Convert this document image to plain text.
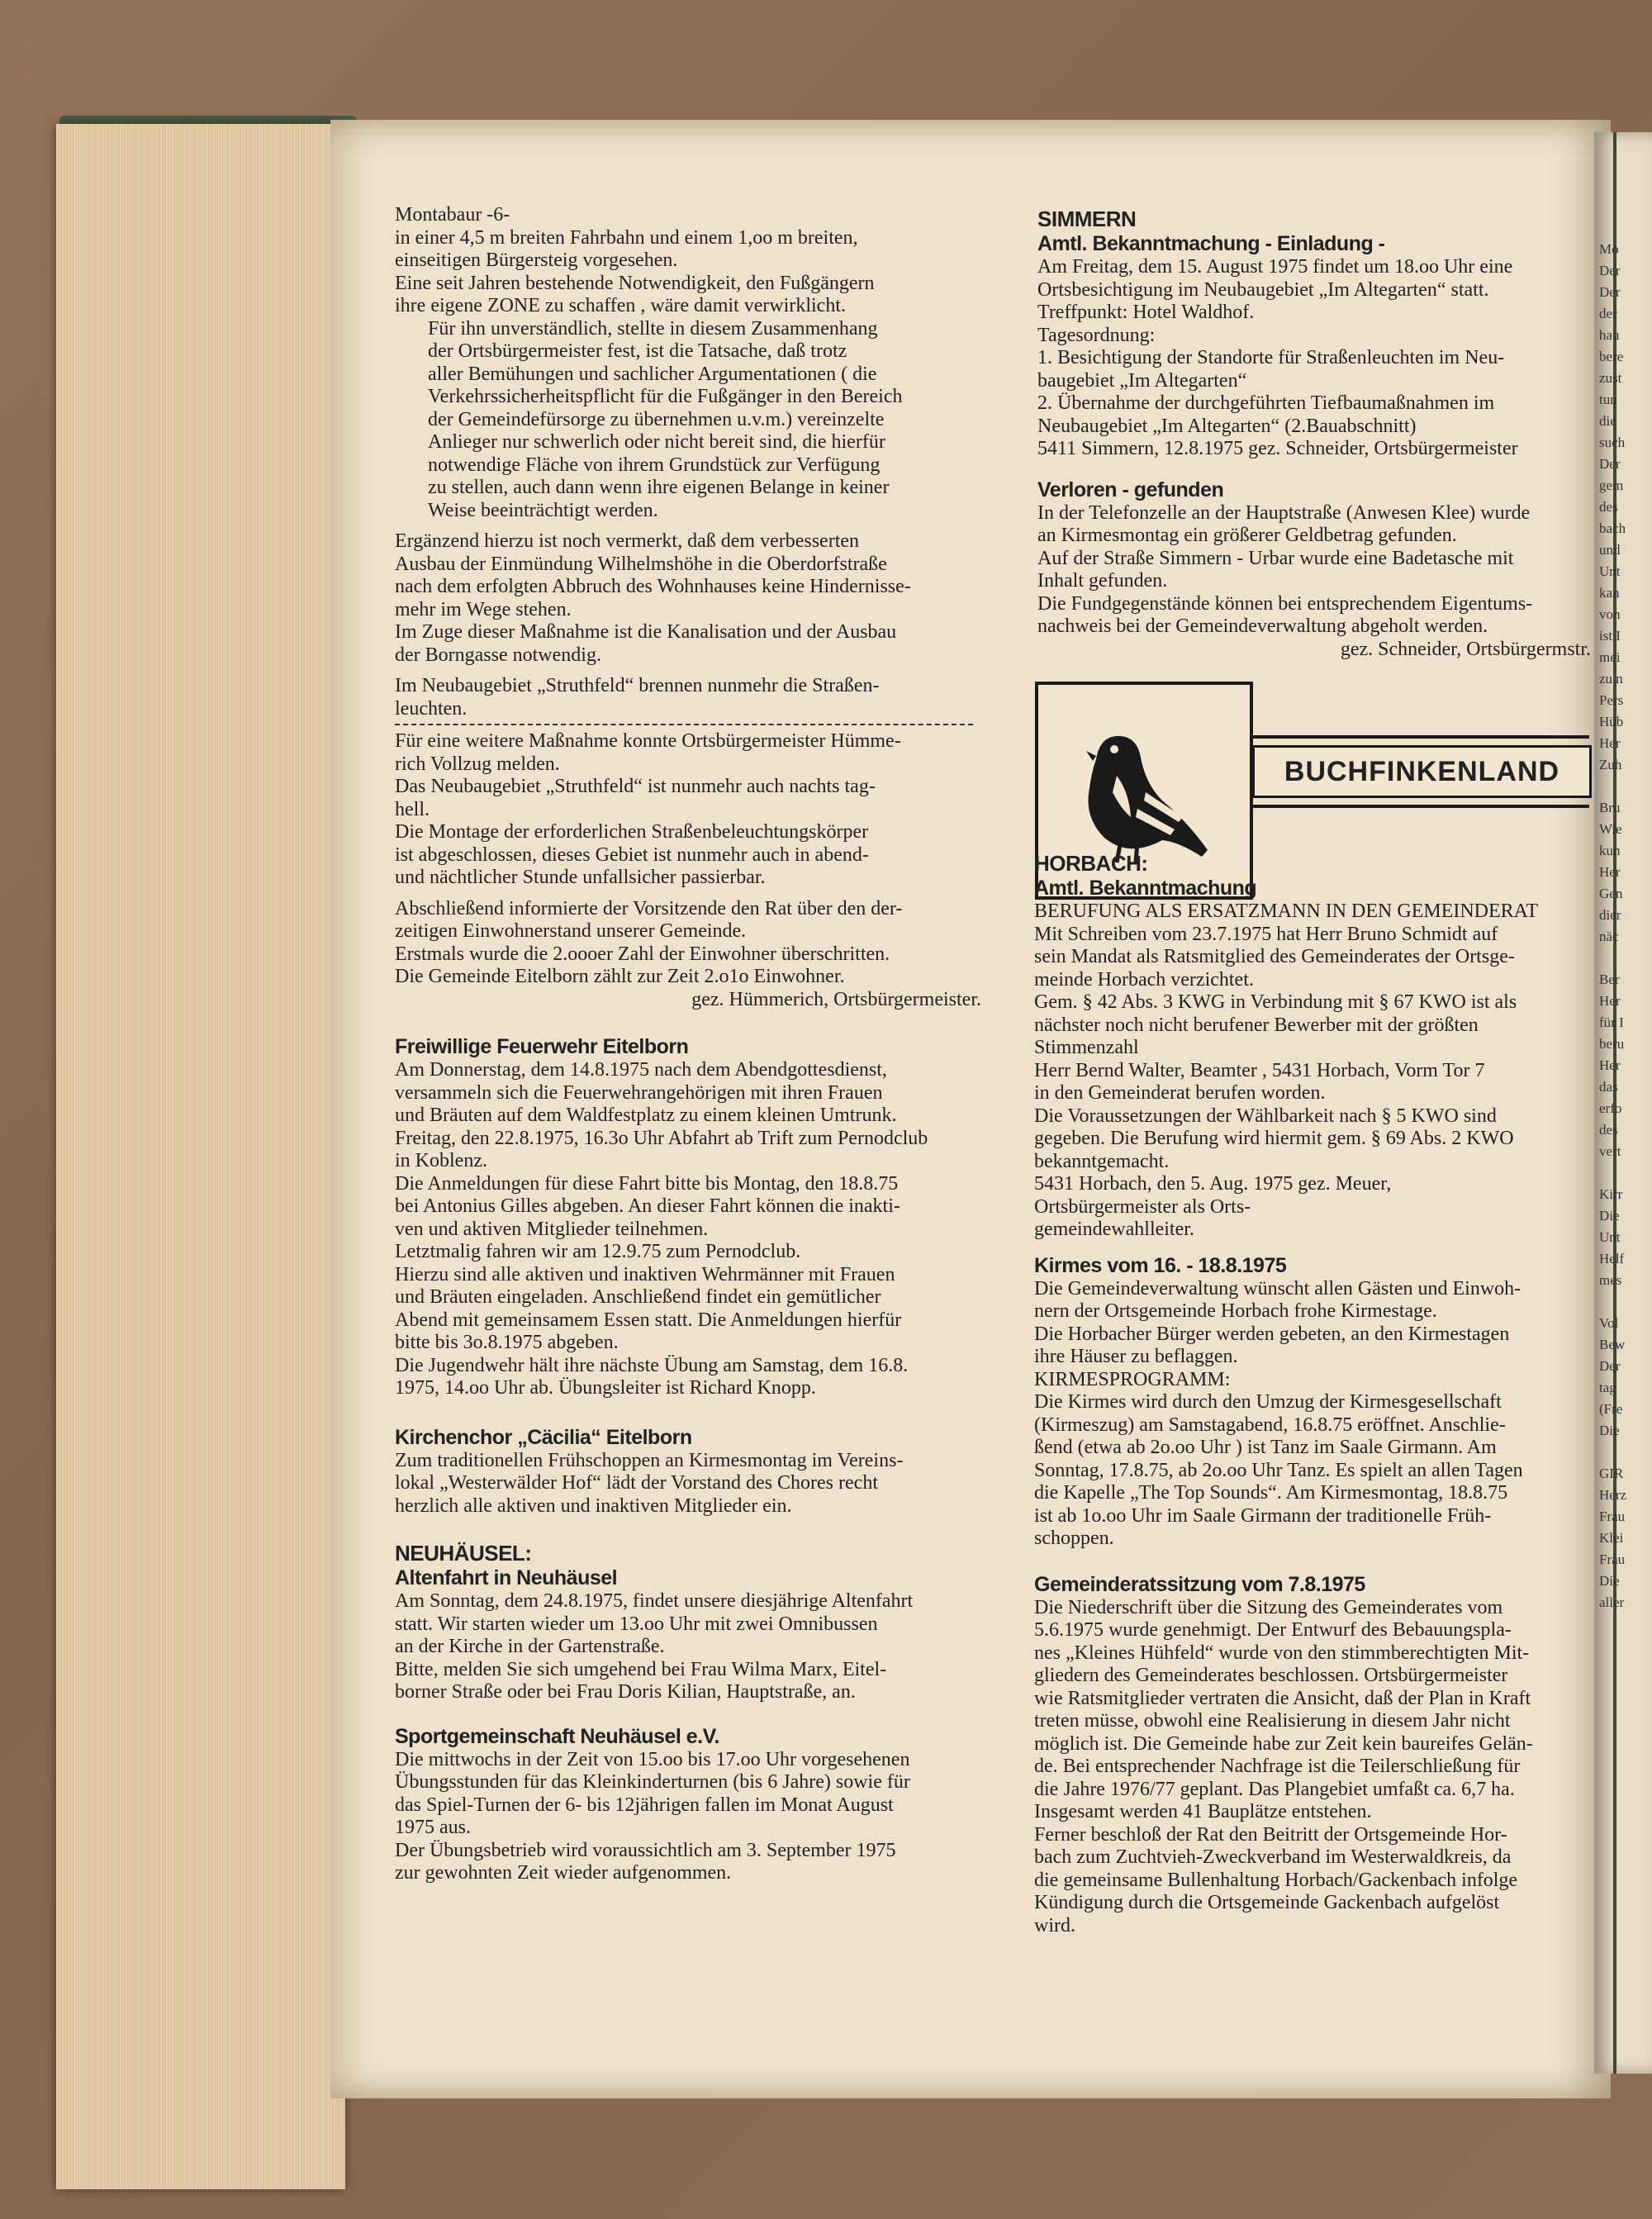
Montabaur -6-

in einer 4,5 m breiten Fahrbahn und einem 1,oo m breiten,
einseitigen Bürgersteig vorgesehen.
Eine seit Jahren bestehende Notwendigkeit, den Fußgängern
ihre eigene ZONE zu schaffen , wäre damit verwirklicht.

Für ihn unverständlich, stellte in diesem Zusammenhang
der Ortsbürgermeister fest, ist die Tatsache, daß trotz
aller Bemühungen und sachlicher Argumentationen ( die
Verkehrssicherheitspflicht für die Fußgänger in den Bereich
der Gemeindefürsorge zu übernehmen u.v.m.) vereinzelte
Anlieger nur schwerlich oder nicht bereit sind, die hierfür
notwendige Fläche von ihrem Grundstück zur Verfügung
zu stellen, auch dann wenn ihre eigenen Belange in keiner
Weise beeinträchtigt werden.

Ergänzend hierzu ist noch vermerkt, daß dem verbesserten
Ausbau der Einmündung Wilhelmshöhe in die Oberdorfstraße
nach dem erfolgten Abbruch des Wohnhauses keine Hindernisse-
mehr im Wege stehen.
Im Zuge dieser Maßnahme ist die Kanalisation und der Ausbau
der Borngasse notwendig.

Im Neubaugebiet „Struthfeld“ brennen nunmehr die Straßen-
leuchten.

Für eine weitere Maßnahme konnte Ortsbürgermeister Hümme-
rich Vollzug melden.
Das Neubaugebiet „Struthfeld“ ist nunmehr auch nachts tag-
hell.
Die Montage der erforderlichen Straßenbeleuchtungskörper
ist abgeschlossen, dieses Gebiet ist nunmehr auch in abend-
und nächtlicher Stunde unfallsicher passierbar.

Abschließend informierte der Vorsitzende den Rat über den der-
zeitigen Einwohnerstand unserer Gemeinde.
Erstmals wurde die 2.oooer Zahl der Einwohner überschritten.
Die Gemeinde Eitelborn zählt zur Zeit 2.o1o Einwohner.

gez. Hümmerich, Ortsbürgermeister.

Freiwillige Feuerwehr Eitelborn

Am Donnerstag, dem 14.8.1975 nach dem Abendgottesdienst,
versammeln sich die Feuerwehrangehörigen mit ihren Frauen
und Bräuten auf dem Waldfestplatz zu einem kleinen Umtrunk.
Freitag, den 22.8.1975, 16.3o Uhr Abfahrt ab Trift zum Pernodclub
in Koblenz.
Die Anmeldungen für diese Fahrt bitte bis Montag, den 18.8.75
bei Antonius Gilles abgeben. An dieser Fahrt können die inakti-
ven und aktiven Mitglieder teilnehmen.
Letztmalig fahren wir am 12.9.75 zum Pernodclub.
Hierzu sind alle aktiven und inaktiven Wehrmänner mit Frauen
und Bräuten eingeladen. Anschließend findet ein gemütlicher
Abend mit gemeinsamem Essen statt. Die Anmeldungen hierfür
bitte bis 3o.8.1975 abgeben.
Die Jugendwehr hält ihre nächste Übung am Samstag, dem 16.8.
1975, 14.oo Uhr ab. Übungsleiter ist Richard Knopp.

Kirchenchor „Cäcilia“ Eitelborn

Zum traditionellen Frühschoppen an Kirmesmontag im Vereins-
lokal „Westerwälder Hof“ lädt der Vorstand des Chores recht
herzlich alle aktiven und inaktiven Mitglieder ein.

NEUHÄUSEL:
Altenfahrt in Neuhäusel

Am Sonntag, dem 24.8.1975, findet unsere diesjährige Altenfahrt
statt. Wir starten wieder um 13.oo Uhr mit zwei Omnibussen
an der Kirche in der Gartenstraße.
Bitte, melden Sie sich umgehend bei Frau Wilma Marx, Eitel-
borner Straße oder bei Frau Doris Kilian, Hauptstraße, an.

Sportgemeinschaft Neuhäusel e.V.

Die mittwochs in der Zeit von 15.oo bis 17.oo Uhr vorgesehenen
Übungsstunden für das Kleinkinderturnen (bis 6 Jahre) sowie für
das Spiel-Turnen der 6- bis 12jährigen fallen im Monat August
1975 aus.
Der Übungsbetrieb wird voraussichtlich am 3. September 1975
zur gewohnten Zeit wieder aufgenommen.

SIMMERN
Amtl. Bekanntmachung - Einladung -

Am Freitag, dem 15. August 1975 findet um 18.oo Uhr eine
Ortsbesichtigung im Neubaugebiet „Im Altegarten“ statt.
Treffpunkt: Hotel Waldhof.
Tagesordnung:
1. Besichtigung der Standorte für Straßenleuchten im Neu-
baugebiet „Im Altegarten“
2. Übernahme der durchgeführten Tiefbaumaßnahmen im
Neubaugebiet „Im Altegarten“ (2.Bauabschnitt)
5411 Simmern, 12.8.1975 gez. Schneider, Ortsbürgermeister

Verloren - gefunden

In der Telefonzelle an der Hauptstraße (Anwesen Klee) wurde
an Kirmesmontag ein größerer Geldbetrag gefunden.
Auf der Straße Simmern - Urbar wurde eine Badetasche mit
Inhalt gefunden.
Die Fundgegenstände können bei entsprechendem Eigentums-
nachweis bei der Gemeindeverwaltung abgeholt werden.

gez. Schneider, Ortsbürgermstr.

BUCHFINKENLAND
HORBACH:
Amtl. Bekanntmachung

BERUFUNG ALS ERSATZMANN IN DEN GEMEINDERAT
Mit Schreiben vom 23.7.1975 hat Herr Bruno Schmidt auf
sein Mandat als Ratsmitglied des Gemeinderates der Ortsge-
meinde Horbach verzichtet.
Gem. § 42 Abs. 3 KWG in Verbindung mit § 67 KWO ist als
nächster noch nicht berufener Bewerber mit der größten
Stimmenzahl
Herr Bernd Walter, Beamter , 5431 Horbach, Vorm Tor 7
in den Gemeinderat berufen worden.
Die Voraussetzungen der Wählbarkeit nach § 5 KWO sind
gegeben. Die Berufung wird hiermit gem. § 69 Abs. 2 KWO
bekanntgemacht.
5431 Horbach, den 5. Aug. 1975 gez. Meuer,
Ortsbürgermeister als Orts-
gemeindewahlleiter.

Kirmes vom 16. - 18.8.1975

Die Gemeindeverwaltung wünscht allen Gästen und Einwoh-
nern der Ortsgemeinde Horbach frohe Kirmestage.
Die Horbacher Bürger werden gebeten, an den Kirmestagen
ihre Häuser zu beflaggen.
KIRMESPROGRAMM:
Die Kirmes wird durch den Umzug der Kirmesgesellschaft
(Kirmeszug) am Samstagabend, 16.8.75 eröffnet. Anschlie-
ßend (etwa ab 2o.oo Uhr ) ist Tanz im Saale Girmann. Am
Sonntag, 17.8.75, ab 2o.oo Uhr Tanz. Es spielt an allen Tagen
die Kapelle „The Top Sounds“. Am Kirmesmontag, 18.8.75
ist ab 1o.oo Uhr im Saale Girmann der traditionelle Früh-
schoppen.

Gemeinderatssitzung vom 7.8.1975

Die Niederschrift über die Sitzung des Gemeinderates vom
5.6.1975 wurde genehmigt. Der Entwurf des Bebauungspla-
nes „Kleines Hühfeld“ wurde von den stimmberechtigten Mit-
gliedern des Gemeinderates beschlossen. Ortsbürgermeister
wie Ratsmitglieder vertraten die Ansicht, daß der Plan in Kraft
treten müsse, obwohl eine Realisierung in diesem Jahr nicht
möglich ist. Die Gemeinde habe zur Zeit kein baureifes Gelän-
de. Bei entsprechender Nachfrage ist die Teilerschließung für
die Jahre 1976/77 geplant. Das Plangebiet umfaßt ca. 6,7 ha.
Insgesamt werden 41 Bauplätze entstehen.
Ferner beschloß der Rat den Beitritt der Ortsgemeinde Hor-
bach zum Zuchtvieh-Zweckverband im Westerwaldkreis, da
die gemeinsame Bullenhaltung Horbach/Gackenbach infolge
Kündigung durch die Ortsgemeinde Gackenbach aufgelöst
wird.

Mo
Der
Der
der
hau
bere
zust
tun
die
such
Der
gem
des
bach
und
Unt
kan
von
ist I
mei
zu n
Pers
Hüb
Her
Zuh
Bru
Wie
kun
Her
Gen
dier
näc
Ber
Her
für I
beru
Her
das
erfo
des
vert
Kirr
Die
Unt
Helf
mes
Vol
Bew
Der
tag
(Fre
Die
GIR
Herz
Frau
Klei
Frau
Die
aller
